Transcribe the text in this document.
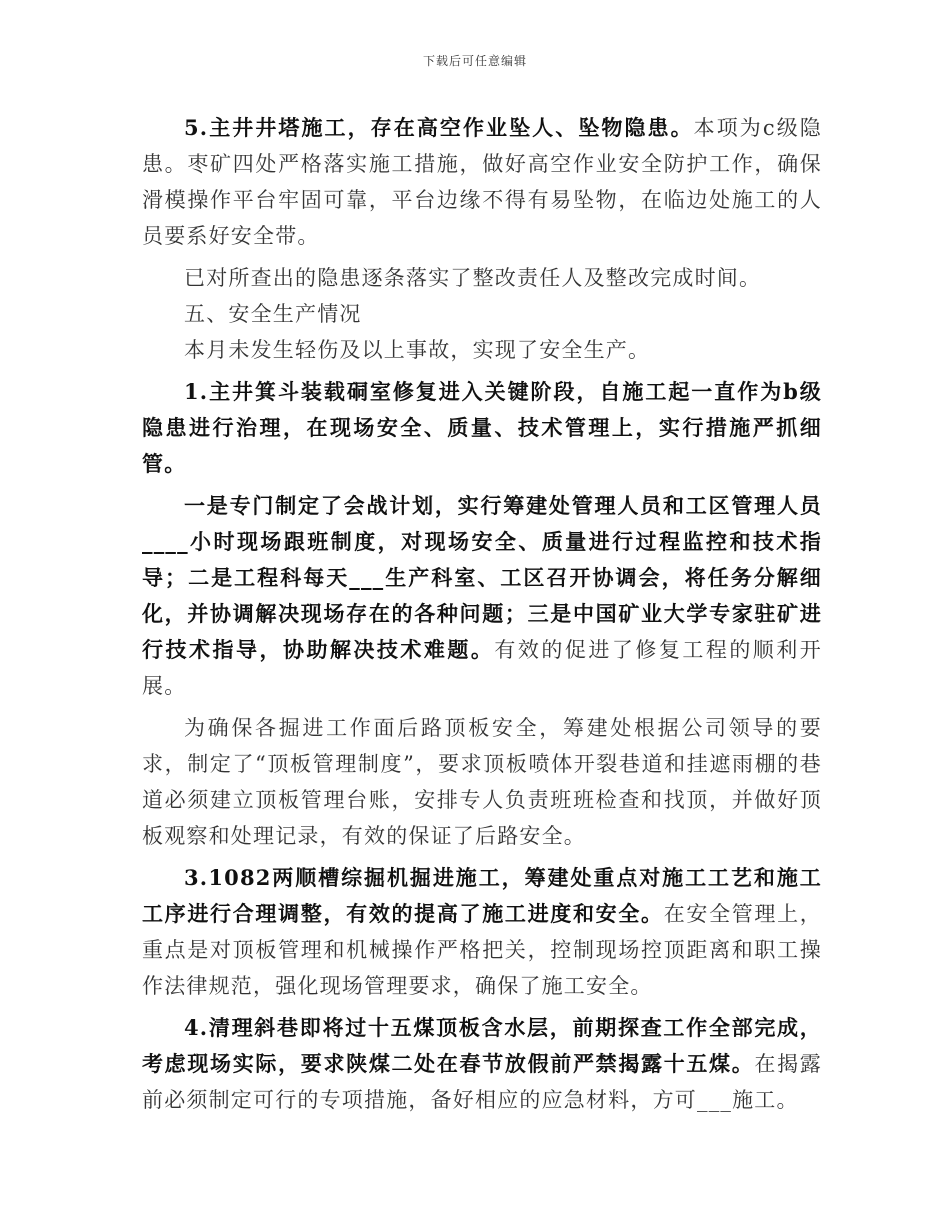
下载后可任意编辑

5.主井井塔施工，存在高空作业坠人、坠物隐患。本项为c级隐患。枣矿四处严格落实施工措施，做好高空作业安全防护工作，确保滑模操作平台牢固可靠，平台边缘不得有易坠物，在临边处施工的人员要系好安全带。

已对所查出的隐患逐条落实了整改责任人及整改完成时间。

五、安全生产情况

本月未发生轻伤及以上事故，实现了安全生产。

1.主井箕斗装载硐室修复进入关键阶段，自施工起一直作为b级隐患进行治理，在现场安全、质量、技术管理上，实行措施严抓细管。

一是专门制定了会战计划，实行筹建处管理人员和工区管理人员____小时现场跟班制度，对现场安全、质量进行过程监控和技术指导；二是工程科每天___生产科室、工区召开协调会，将任务分解细化，并协调解决现场存在的各种问题；三是中国矿业大学专家驻矿进行技术指导，协助解决技术难题。有效的促进了修复工程的顺利开展。

为确保各掘进工作面后路顶板安全，筹建处根据公司领导的要求，制定了“顶板管理制度”，要求顶板喷体开裂巷道和挂遮雨棚的巷道必须建立顶板管理台账，安排专人负责班班检查和找顶，并做好顶板观察和处理记录，有效的保证了后路安全。

3.1082两顺槽综掘机掘进施工，筹建处重点对施工工艺和施工工序进行合理调整，有效的提高了施工进度和安全。在安全管理上，重点是对顶板管理和机械操作严格把关，控制现场控顶距离和职工操作法律规范，强化现场管理要求，确保了施工安全。

4.清理斜巷即将过十五煤顶板含水层，前期探查工作全部完成，考虑现场实际，要求陕煤二处在春节放假前严禁揭露十五煤。在揭露前必须制定可行的专项措施，备好相应的应急材料，方可___施工。
